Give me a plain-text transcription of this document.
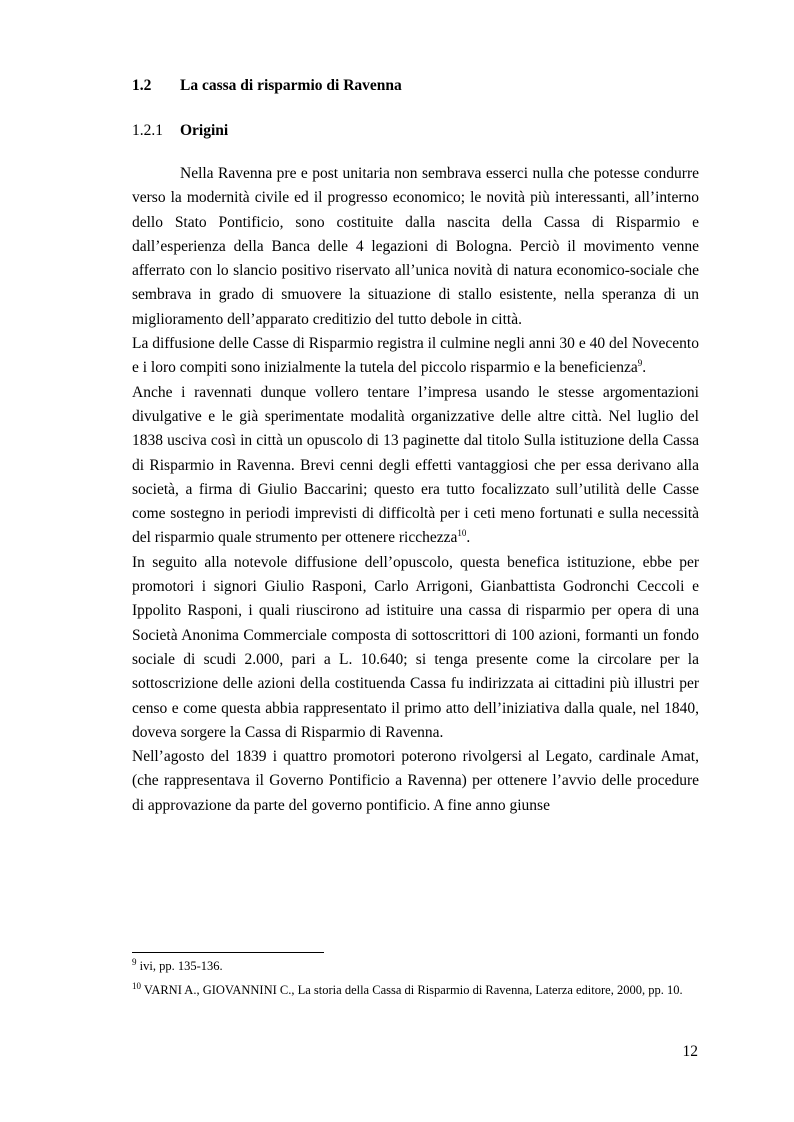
1.2 La cassa di risparmio di Ravenna
1.2.1 Origini

Nella Ravenna pre e post unitaria non sembrava esserci nulla che potesse condurre verso la modernità civile ed il progresso economico; le novità più interessanti, all’interno dello Stato Pontificio, sono costituite dalla nascita della Cassa di Risparmio e dall’esperienza della Banca delle 4 legazioni di Bologna. Perciò il movimento venne afferrato con lo slancio positivo riservato all’unica novità di natura economico-sociale che sembrava in grado di smuovere la situazione di stallo esistente, nella speranza di un miglioramento dell’apparato creditizio del tutto debole in città.

La diffusione delle Casse di Risparmio registra il culmine negli anni 30 e 40 del Novecento e i loro compiti sono inizialmente la tutela del piccolo risparmio e la beneficienza$^9$.

Anche i ravennati dunque vollero tentare l’impresa usando le stesse argomentazioni divulgative e le già sperimentate modalità organizzative delle altre città. Nel luglio del 1838 usciva così in città un opuscolo di 13 paginette dal titolo Sulla istituzione della Cassa di Risparmio in Ravenna. Brevi cenni degli effetti vantaggiosi che per essa derivano alla società, a firma di Giulio Baccarini; questo era tutto focalizzato sull’utilità delle Casse come sostegno in periodi imprevisti di difficoltà per i ceti meno fortunati e sulla necessità del risparmio quale strumento per ottenere ricchezza$^{10}$.

In seguito alla notevole diffusione dell’opuscolo, questa benefica istituzione, ebbe per promotori i signori Giulio Rasponi, Carlo Arrigoni, Gianbattista Godronchi Ceccoli e Ippolito Rasponi, i quali riuscirono ad istituire una cassa di risparmio per opera di una Società Anonima Commerciale composta di sottoscrittori di 100 azioni, formanti un fondo sociale di scudi 2.000, pari a L. 10.640; si tenga presente come la circolare per la sottoscrizione delle azioni della costituenda Cassa fu indirizzata ai cittadini più illustri per censo e come questa abbia rappresentato il primo atto dell’iniziativa dalla quale, nel 1840, doveva sorgere la Cassa di Risparmio di Ravenna.

Nell’agosto del 1839 i quattro promotori poterono rivolgersi al Legato, cardinale Amat, (che rappresentava il Governo Pontificio a Ravenna) per ottenere l’avvio delle procedure di approvazione da parte del governo pontificio. A fine anno giunse

$^9$ ivi, pp. 135-136.

$^{10}$ VARNI A., GIOVANNINI C., La storia della Cassa di Risparmio di Ravenna, Laterza editore, 2000, pp. 10.

12
